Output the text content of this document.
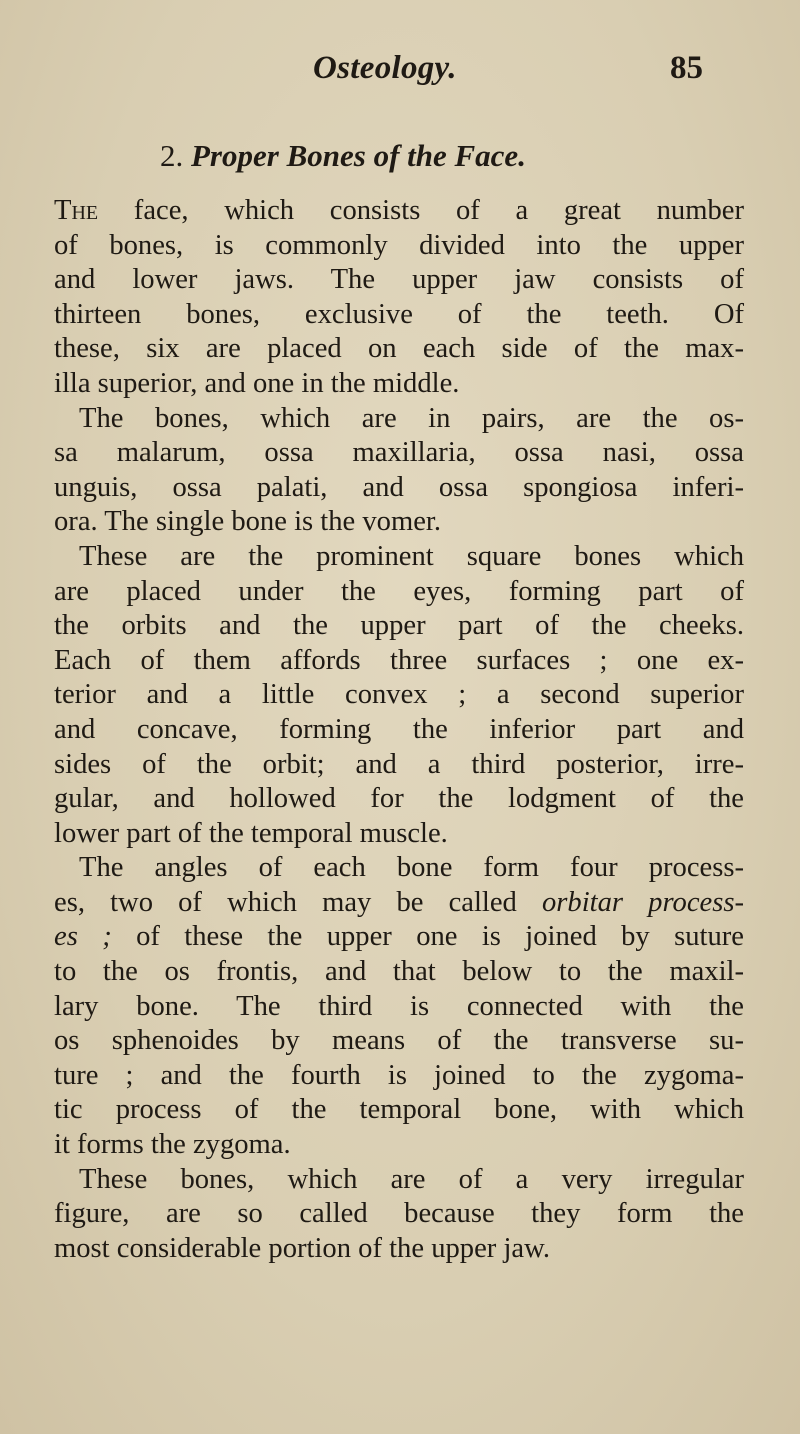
Osteology.	85
2. Proper Bones of the Face.
The face, which consists of a great number
of bones, is commonly divided into the upper
and lower jaws. The upper jaw consists of
thirteen bones, exclusive of the teeth. Of
these, six are placed on each side of the max-
illa superior, and one in the middle.
The bones, which are in pairs, are the os-
sa malarum, ossa maxillaria, ossa nasi, ossa
unguis, ossa palati, and ossa spongiosa inferi-
ora. The single bone is the vomer.
These are the prominent square bones which
are placed under the eyes, forming part of
the orbits and the upper part of the cheeks.
Each of them affords three surfaces ; one ex-
terior and a little convex ; a second superior
and concave, forming the inferior part and
sides of the orbit; and a third posterior, irre-
gular, and hollowed for the lodgment of the
lower part of the temporal muscle.
The angles of each bone form four process-
es, two of which may be called orbitar process-
es ; of these the upper one is joined by suture
to the os frontis, and that below to the maxil-
lary bone. The third is connected with the
os sphenoides by means of the transverse su-
ture ; and the fourth is joined to the zygoma-
tic process of the temporal bone, with which
it forms the zygoma.
These bones, which are of a very irregular
figure, are so called because they form the
most considerable portion of the upper jaw.
